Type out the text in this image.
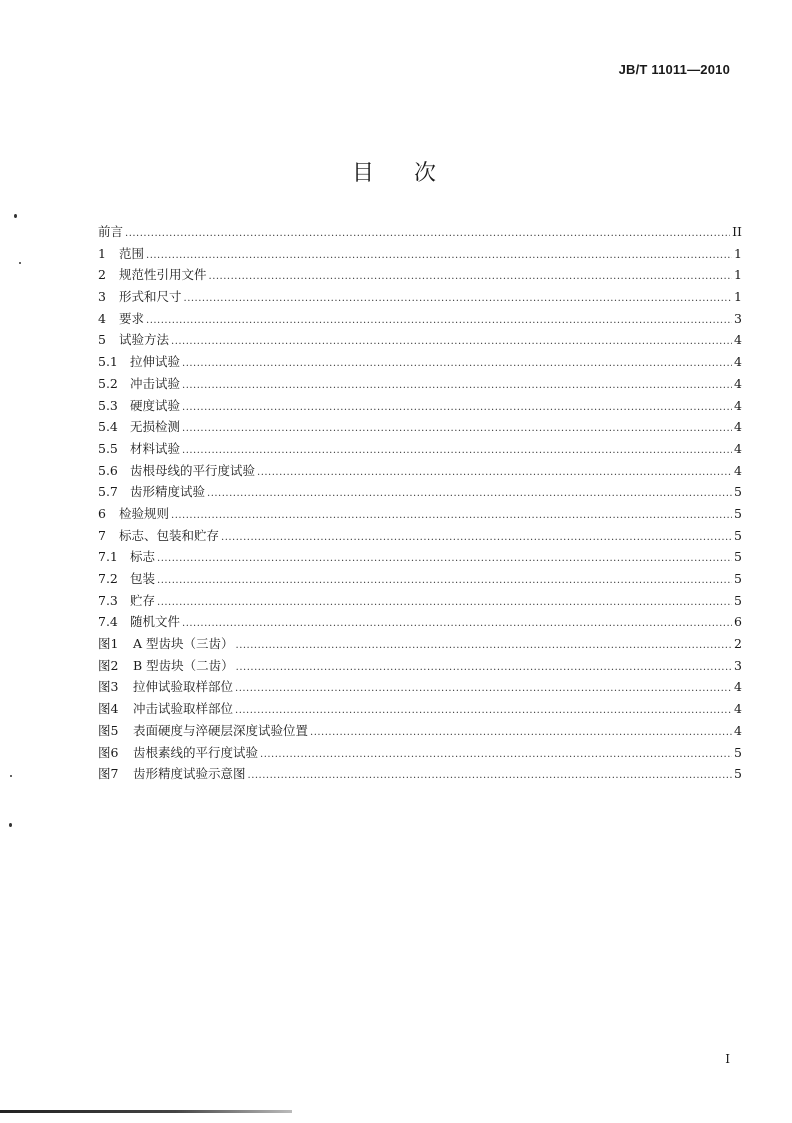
JB/T 11011—2010
目次
前言 .....	II
1	范围 .....	1
2	规范性引用文件 .....	1
3	形式和尺寸 .....	1
4	要求 .....	3
5	试验方法 .....	4
5.1 拉伸试验 .....	4
5.2 冲击试验 .....	4
5.3 硬度试验 .....	4
5.4 无损检测 .....	4
5.5 材料试验 .....	4
5.6 齿根母线的平行度试验 .....	4
5.7 齿形精度试验 .....	5
6	检验规则 .....	5
7	标志、包装和贮存 .....	5
7.1 标志 .....	5
7.2 包装 .....	5
7.3 贮存 .....	5
7.4 随机文件 .....	6
图1	A 型齿块（三齿） .....	2
图2	B 型齿块（二齿） .....	3
图3	拉伸试验取样部位 .....	4
图4	冲击试验取样部位 .....	4
图5	表面硬度与淬硬层深度试验位置 .....	4
图6	齿根素线的平行度试验 .....	5
图7	齿形精度试验示意图 .....	5
I
